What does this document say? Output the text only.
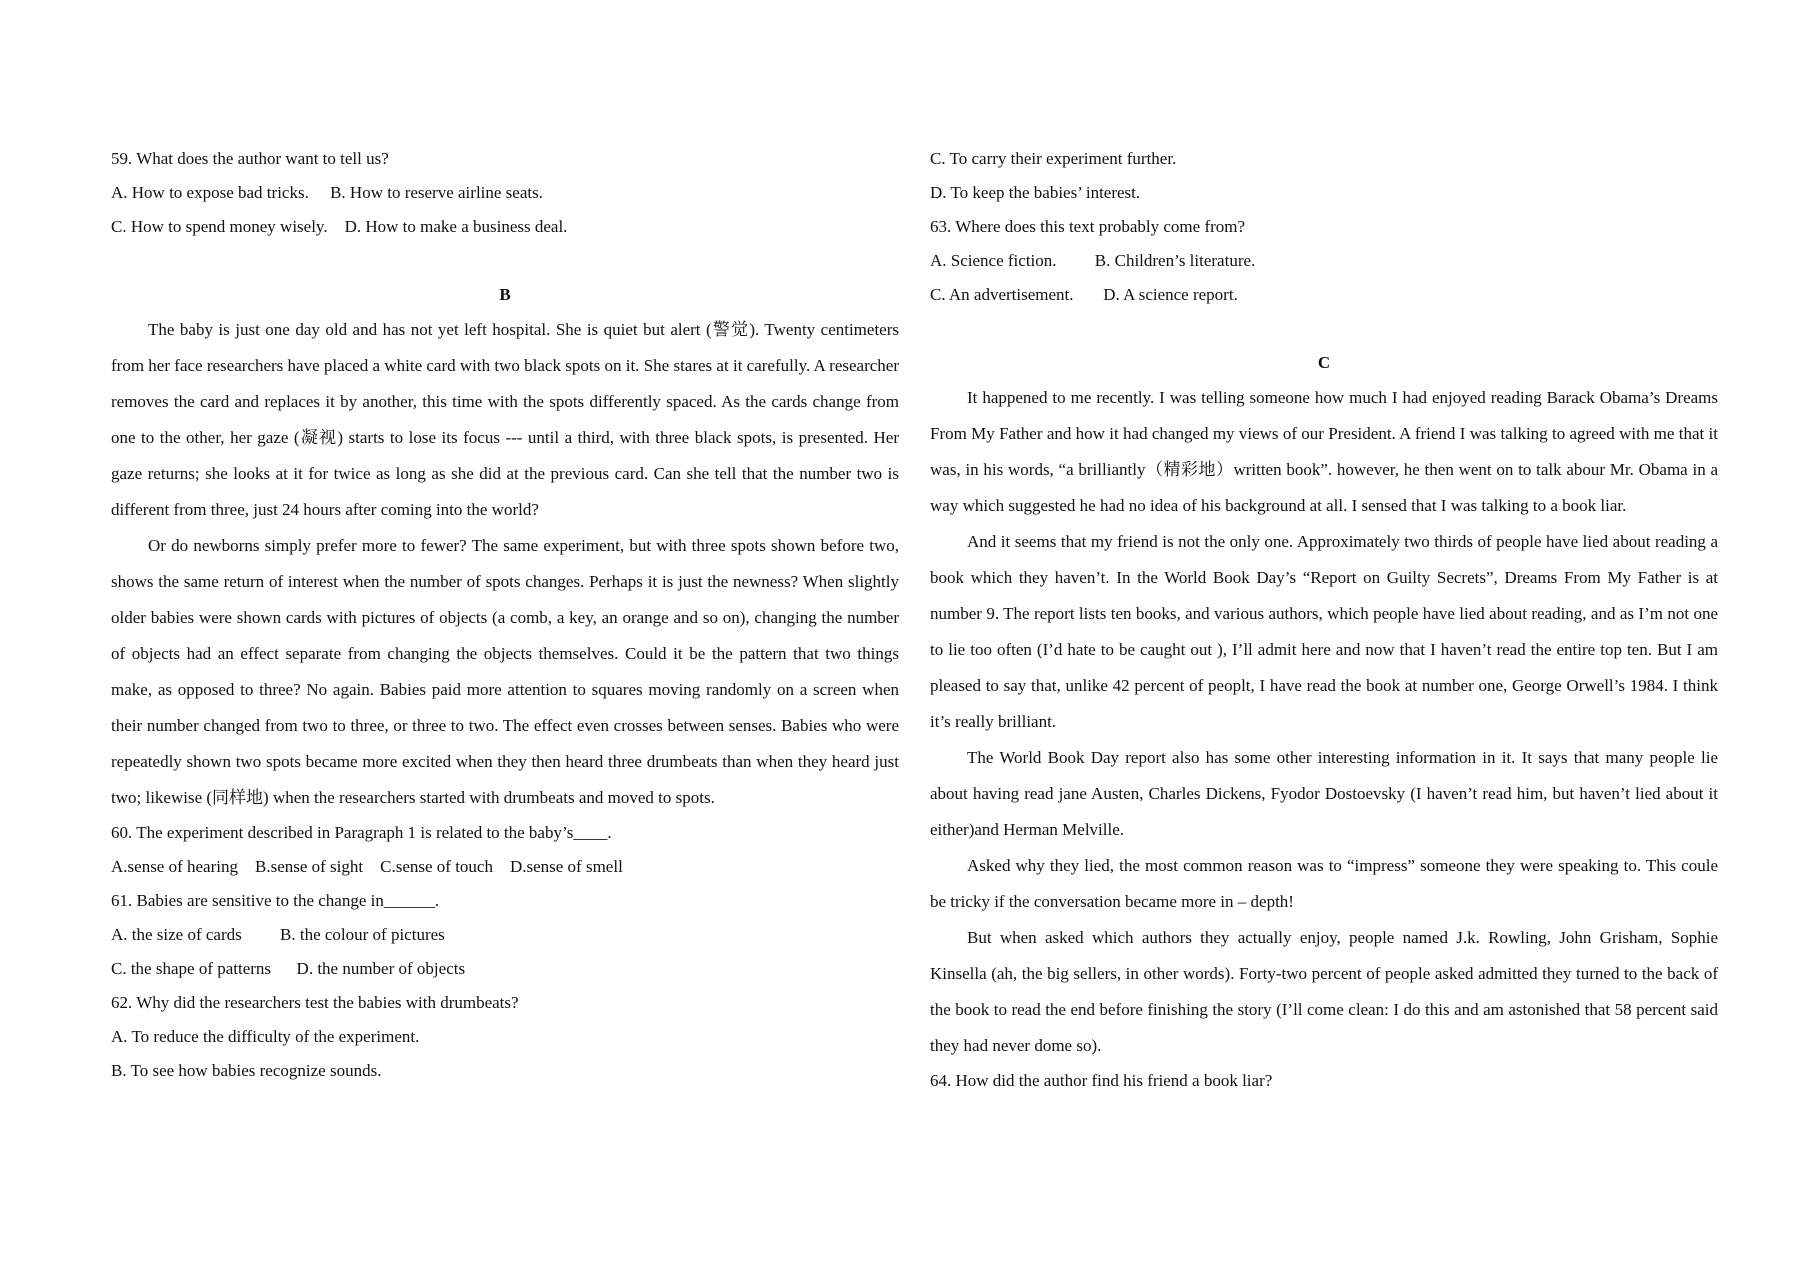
59. What does the author want to tell us?

A. How to expose bad tricks.     B. How to reserve airline seats.

C. How to spend money wisely.    D. How to make a business deal.

B

The baby is just one day old and has not yet left hospital. She is quiet but alert (警觉). Twenty centimeters from her face researchers have placed a white card with two black spots on it. She stares at it carefully. A researcher removes the card and replaces it by another, this time with the spots differently spaced. As the cards change from one to the other, her gaze (凝视) starts to lose its focus --- until a third, with three black spots, is presented. Her gaze returns; she looks at it for twice as long as she did at the previous card. Can she tell that the number two is different from three, just 24 hours after coming into the world?

Or do newborns simply prefer more to fewer? The same experiment, but with three spots shown before two, shows the same return of interest when the number of spots changes. Perhaps it is just the newness? When slightly older babies were shown cards with pictures of objects (a comb, a key, an orange and so on), changing the number of objects had an effect separate from changing the objects themselves. Could it be the pattern that two things make, as opposed to three? No again. Babies paid more attention to squares moving randomly on a screen when their number changed from two to three, or three to two. The effect even crosses between senses. Babies who were repeatedly shown two spots became more excited when they then heard three drumbeats than when they heard just two; likewise (同样地) when the researchers started with drumbeats and moved to spots.

60. The experiment described in Paragraph 1 is related to the baby’s____.

A.sense of hearing    B.sense of sight    C.sense of touch    D.sense of smell

61. Babies are sensitive to the change in______.

A. the size of cards         B. the colour of pictures

C. the shape of patterns      D. the number of objects

62. Why did the researchers test the babies with drumbeats?

A. To reduce the difficulty of the experiment.

B. To see how babies recognize sounds.

C. To carry their experiment further.

D. To keep the babies’ interest.

63. Where does this text probably come from?

A. Science fiction.         B. Children’s literature.

C. An advertisement.       D. A science report.

C

It happened to me recently. I was telling someone how much I had enjoyed reading Barack Obama’s Dreams From My Father and how it had changed my views of our President. A friend I was talking to agreed with me that it was, in his words, “a brilliantly（精彩地）written book”. however, he then went on to talk abour Mr. Obama in a way which suggested he had no idea of his background at all. I sensed that I was talking to a book liar.

And it seems that my friend is not the only one. Approximately two thirds of people have lied about reading a book which they haven’t. In the World Book Day’s “Report on Guilty Secrets”, Dreams From My Father is at number 9. The report lists ten books, and various authors, which people have lied about reading, and as I’m not one to lie too often (I’d hate to be caught out ), I’ll admit here and now that I haven’t read the entire top ten. But I am pleased to say that, unlike 42 percent of peoplt, I have read the book at number one, George Orwell’s 1984. I think it’s really brilliant.

The World Book Day report also has some other interesting information in it. It says that many people lie about having read jane Austen, Charles Dickens, Fyodor Dostoevsky (I haven’t read him, but haven’t lied about it either)and Herman Melville.

Asked why they lied, the most common reason was to “impress” someone they were speaking to. This coule be tricky if the conversation became more in – depth!

But when asked which authors they actually enjoy, people named J.k. Rowling, John Grisham, Sophie Kinsella (ah, the big sellers, in other words). Forty-two percent of people asked admitted they turned to the back of the book to read the end before finishing the story (I’ll come clean: I do this and am astonished that 58 percent said they had never dome so).

64. How did the author find his friend a book liar?
